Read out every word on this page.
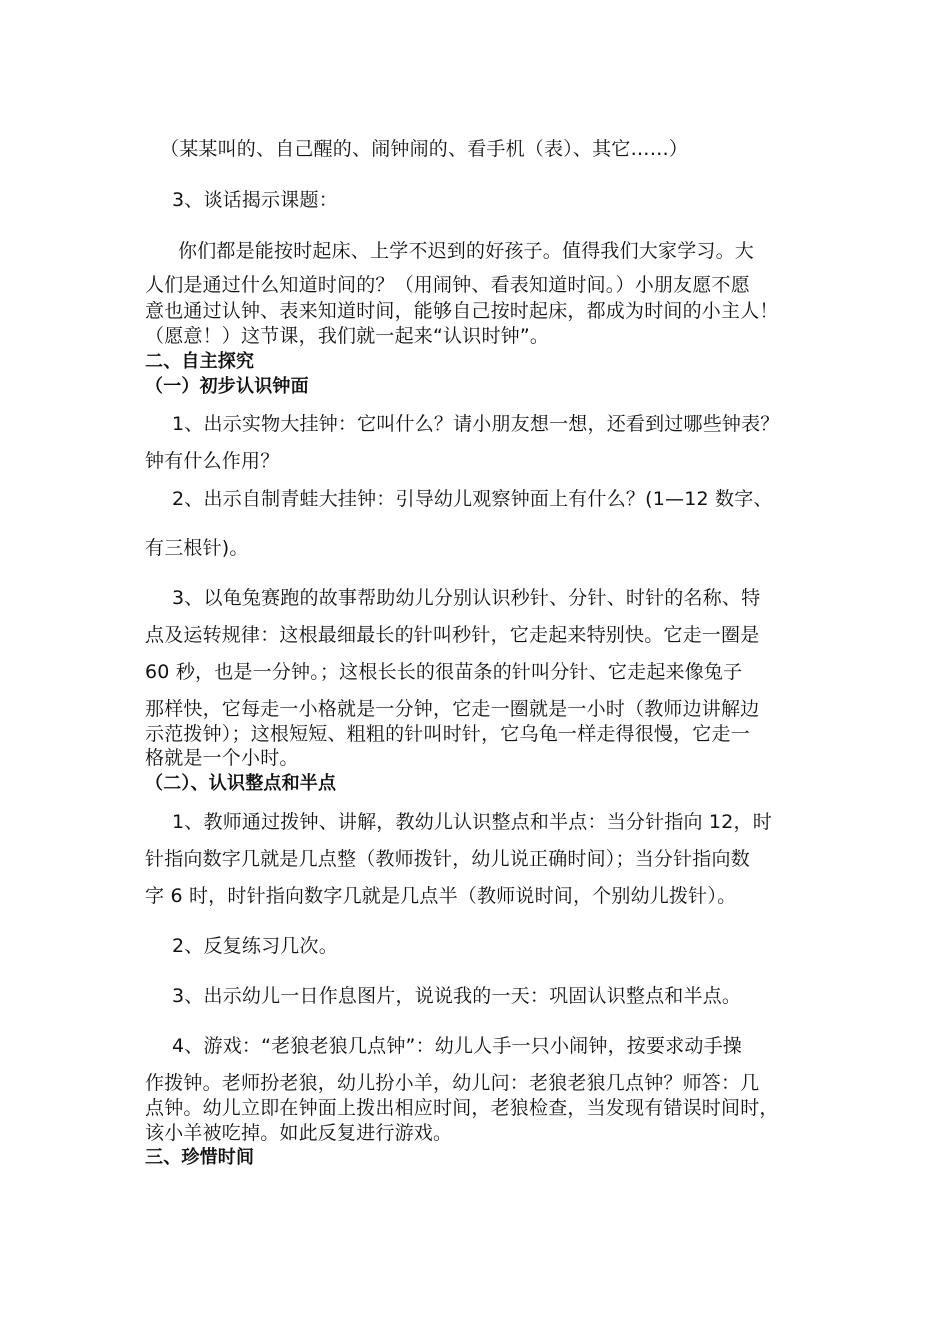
（某某叫的、自己醒的、闹钟闹的、看手机（表）、其它……）
3、谈话揭示课题：
你们都是能按时起床、上学不迟到的好孩子。值得我们大家学习。大
人们是通过什么知道时间的？（用闹钟、看表知道时间。）小朋友愿不愿
意也通过认钟、表来知道时间，能够自己按时起床，都成为时间的小主人！
（愿意！）这节课，我们就一起来“认识时钟”。
二、自主探究
（一）初步认识钟面
1、出示实物大挂钟：它叫什么？请小朋友想一想，还看到过哪些钟表？
钟有什么作用？
2、出示自制青蛙大挂钟：引导幼儿观察钟面上有什么？(1—12 数字、
有三根针)。
3、以龟兔赛跑的故事帮助幼儿分别认识秒针、分针、时针的名称、特
点及运转规律：这根最细最长的针叫秒针，它走起来特别快。它走一圈是
60 秒，也是一分钟。；这根长长的很苗条的针叫分针、它走起来像兔子
那样快，它每走一小格就是一分钟，它走一圈就是一小时（教师边讲解边
示范拨钟）；这根短短、粗粗的针叫时针，它乌龟一样走得很慢，它走一
格就是一个小时。
（二）、认识整点和半点
1、教师通过拨钟、讲解，教幼儿认识整点和半点：当分针指向 12，时
针指向数字几就是几点整（教师拨针，幼儿说正确时间）；当分针指向数
字 6 时，时针指向数字几就是几点半（教师说时间，个别幼儿拨针）。
2、反复练习几次。
3、出示幼儿一日作息图片，说说我的一天：巩固认识整点和半点。
4、游戏：“老狼老狼几点钟”：幼儿人手一只小闹钟，按要求动手操
作拨钟。老师扮老狼，幼儿扮小羊，幼儿问：老狼老狼几点钟？师答：几
点钟。幼儿立即在钟面上拨出相应时间，老狼检查，当发现有错误时间时，
该小羊被吃掉。如此反复进行游戏。
三、珍惜时间
